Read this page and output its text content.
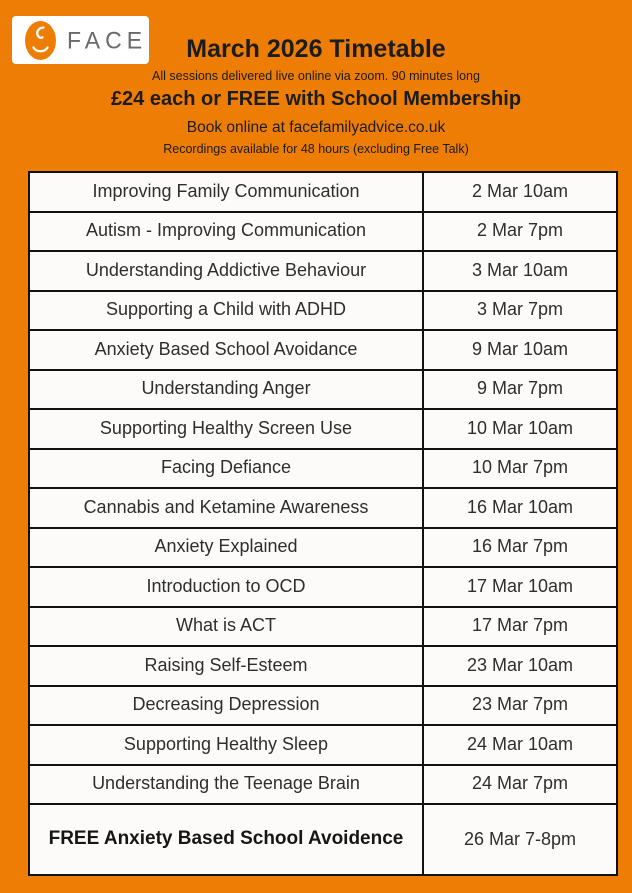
FACE	March 2026 Timetable
All sessions delivered live online via zoom. 90 minutes long
£24 each or FREE with School Membership
Book online at facefamilyadvice.co.uk
Recordings available for 48 hours (excluding Free Talk)
Improving Family Communication	2 Mar 10am
Autism - Improving Communication	2 Mar 7pm
Understanding Addictive Behaviour	3 Mar 10am
Supporting a Child with ADHD	3 Mar 7pm
Anxiety Based School Avoidance	9 Mar 10am
Understanding Anger	9 Mar 7pm
Supporting Healthy Screen Use	10 Mar 10am
Facing Defiance	10 Mar 7pm
Cannabis and Ketamine Awareness	16 Mar 10am
Anxiety Explained	16 Mar 7pm
Introduction to OCD	17 Mar 10am
What is ACT	17 Mar 7pm
Raising Self-Esteem	23 Mar 10am
Decreasing Depression	23 Mar 7pm
Supporting Healthy Sleep	24 Mar 10am
Understanding the Teenage Brain	24 Mar 7pm
FREE Anxiety Based School Avoidence	26 Mar 7-8pm
